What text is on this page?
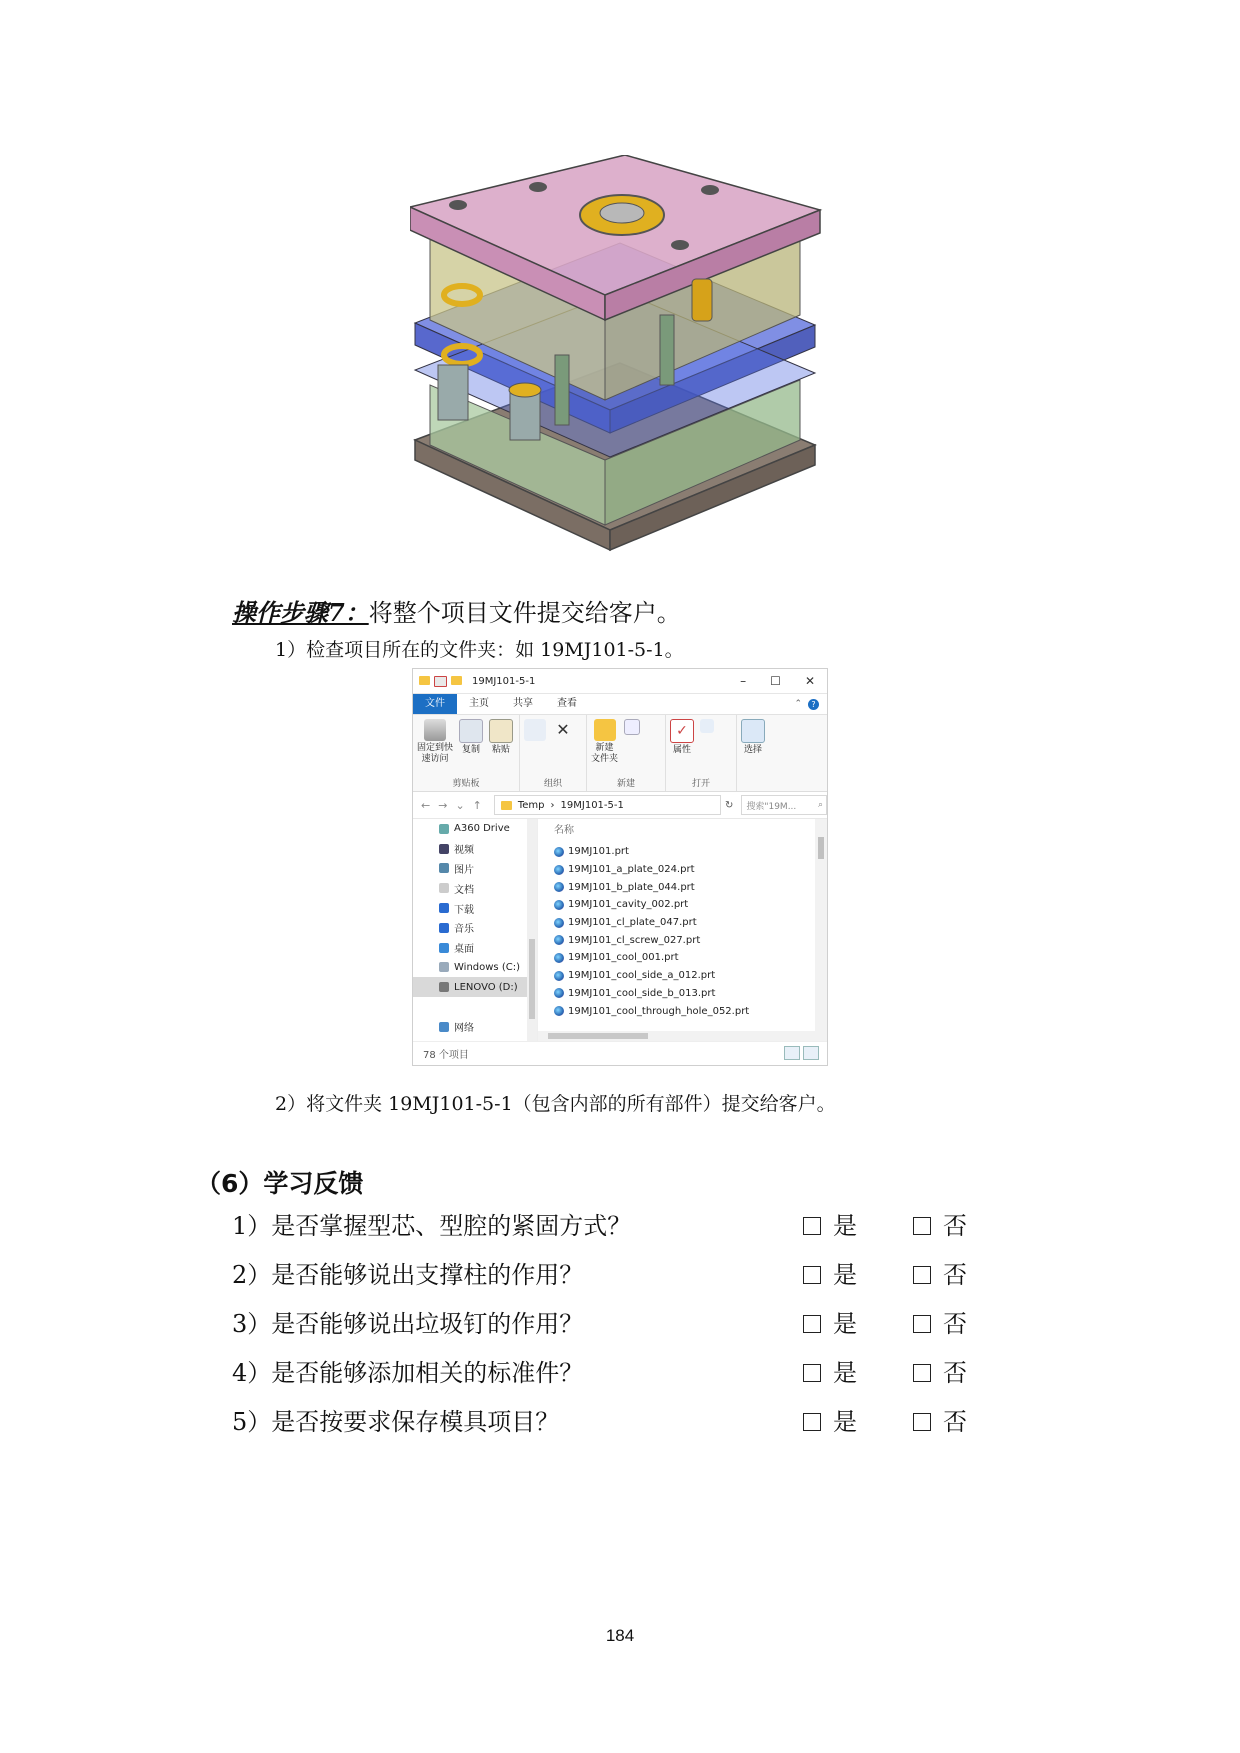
操作步骤7：将整个项目文件提交给客户。
1）检查项目所在的文件夹：如 19MJ101-5-1。
19MJ101-5-1	– ☐ ✕
文件	主页	共享	查看	⌃	?
固定到快
速访问
复制 粘贴
剪贴板
✕
组织
新建
文件夹
新建
✓
属性
打开
选择
← → ⌄ ↑	Temp › 19MJ101-5-1	↻ 搜索"19M... ⌕
A360 Drive
视频
图片
文档
下载
音乐
桌面
Windows (C:)
LENOVO (D:)
网络
名称
19MJ101.prt
19MJ101_a_plate_024.prt
19MJ101_b_plate_044.prt
19MJ101_cavity_002.prt
19MJ101_cl_plate_047.prt
19MJ101_cl_screw_027.prt
19MJ101_cool_001.prt
19MJ101_cool_side_a_012.prt
19MJ101_cool_side_b_013.prt
19MJ101_cool_through_hole_052.prt
78 个项目
2）将文件夹 19MJ101-5-1（包含内部的所有部件）提交给客户。
（6）学习反馈
1）是否掌握型芯、型腔的紧固方式？	是	否
2）是否能够说出支撑柱的作用？	是	否
3）是否能够说出垃圾钉的作用？	是	否
4）是否能够添加相关的标准件？	是	否
5）是否按要求保存模具项目？	是	否
184
